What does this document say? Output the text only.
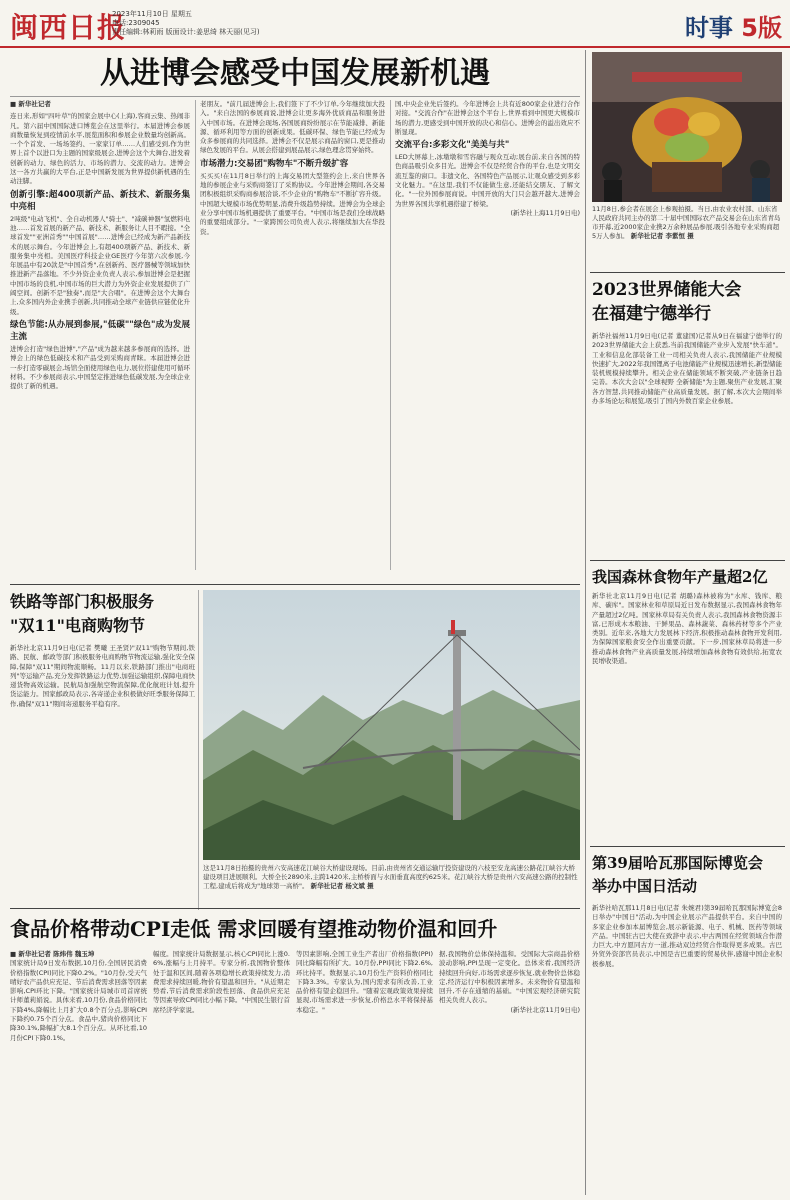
闽西日报
2023年11月10日 星期五
电话:2309045
责任编辑:林莉雨 版面设计:姜思绮 林天丽(见习)	时事 5版
从进博会感受中国发展新机遇
■ 新华社记者
连日来,形如"四叶草"的国家会展中心(上海),客商云集、热闹非凡。第六届中国国际进口博览会在这里举行。本届进博会参展商数量恢复到疫情前水平,展览面积和参展企业数量均创新高。一个个首发、一场场签约、一家家订单……人们感受到,作为世界上首个以进口为主题的国家级展会,进博会这个大舞台,进发着创新的动力、绿色的活力、市场的潜力、交流的动力。进博会这一各方共赢的大平台,正是中国新发展为世界提供新机遇的生动注脚。
创新引擎:超400项新产品、新技术、新服务集中亮相
2吨级"电动飞机"、全自动机器人"骑士"、"减碳神器"氢燃料电池……首发首展的新产品、新技术、新服务让人目不暇接。"全球首发""亚洲首秀""中国首展"……进博会已经成为新产品新技术的展示舞台。今年进博会上,有超400项新产品、新技术、新服务集中亮相。美国医疗科技企业GE医疗今年第六次参展,今年展品中有20款是"中国首秀",在创新药、医疗器械等领域加快推进新产品落地。不少外资企业负责人表示,参加进博会是把握中国市场的良机,中国市场的巨大潜力为外资企业发展提供了广阔空间。创新不是"独奏",而是"大合唱"。在进博会这个大舞台上,众多国内外企业携手创新,共同推动全球产业链供应链优化升级。
绿色节能:从办展到参展,"低碳""绿色"成为发展主流
进博会打造"绿色进博","产品"成为越来越多参展商的选择。进博会上的绿色低碳技术和产品受到采购商青睐。本届进博会进一步打造零碳展会,场馆全面使用绿色电力,展位搭建使用可循环材料。不少参展商表示,中国坚定推进绿色低碳发展,为全球企业提供了新的机遇。
老朋友。"前几届进博会上,我们签下了不少订单,今年继续加大投入。"来自法国的参展商说,进博会让更多海外优质商品和服务进入中国市场。在进博会现场,各国展商纷纷展示在节能减排、新能源、循环利用等方面的创新成果。低碳环保、绿色节能已经成为众多参展商的共同选择。进博会不仅是展示商品的窗口,更是推动绿色发展的平台。从展会搭建到展品展示,绿色理念贯穿始终。
市场潜力:交易团"购物车"不断升级扩容
买买买!在11月8日举行的上海交易团大型签约会上,来自世界各地的参展企业与采购商签订了采购协议。今年进博会期间,各交易团积极组织采购商参展洽谈,不少企业的"购物车"不断扩容升级。中国超大规模市场优势明显,消费升级趋势持续。进博会为全球企业分享中国市场机遇提供了重要平台。"中国市场是我们全球战略的重要组成部分。"一家跨国公司负责人表示,将继续加大在华投资。
国,中央企业先后签约。今年进博会上共有近800家企业进行合作对接。"交流合作"在进博会这个平台上,世界看到中国更大规模市场的潜力,更感受到中国开放的决心和信心。进博会的溢出效应不断显现。
交流平台:多彩文化"美美与共"
LED大屏幕上,冰墩墩和雪容融与观众互动;展台前,来自各国的特色商品吸引众多目光。进博会不仅是经贸合作的平台,也是文明交流互鉴的窗口。非遗文化、各国特色产品展示,让观众感受到多彩文化魅力。"在这里,我们不仅能做生意,还能结交朋友、了解文化。"一位外国参展商说。中国开放的大门只会越开越大,进博会为世界各国共享机遇搭建了桥梁。
(新华社上海11月9日电) 11月8日,参会者在展会上参观拍摄。当日,由农业农村部、山东省人民政府共同主办的第二十届中国国际农产品交易会在山东省青岛市开幕,近2000家企业携2万余种展品参展,吸引各地专业采购商超5万人参加。 新华社记者 李紫恒 摄
2023世界储能大会
在福建宁德举行
新华社福州11月9日电(记者 董建国)记者从9日在福建宁德举行的2023世界储能大会上获悉,当前我国储能产业步入发展"快车道"。工业和信息化部装备工业一司相关负责人表示,我国储能产业规模快速扩大,2022年我国锂离子电池储能产业规模迅速增长,新型储能装机规模持续攀升。相关企业在储能领域不断突破,产业链条日趋完善。本次大会以"全球视野 全新储能"为主题,聚焦产业发展,汇聚各方智慧,共同推动储能产业高质量发展。据了解,本次大会期间举办多场论坛和展览,吸引了国内外数百家企业参展。
我国森林食物年产量超2亿
新华社北京11月9日电(记者 胡璐)森林被称为"水库、钱库、粮库、碳库"。国家林业和草原局近日发布数据显示,我国森林食物年产量超过2亿吨。国家林草局有关负责人表示,我国森林食物资源丰富,已形成木本粮油、干鲜果品、森林蔬菜、森林药材等多个产业类别。近年来,各地大力发展林下经济,积极推动森林食物开发利用,为保障国家粮食安全作出重要贡献。下一步,国家林草局将进一步推动森林食物产业高质量发展,持续增加森林食物有效供给,拓宽农民增收渠道。
第39届哈瓦那国际博览会
举办中国日活动
新华社哈瓦那11月8日电(记者 朱婉君)第39届哈瓦那国际博览会8日举办"中国日"活动,为中国企业展示产品提供平台。来自中国的多家企业参加本届博览会,展示新能源、电子、机械、医药等领域产品。中国驻古巴大使在致辞中表示,中古两国在经贸领域合作潜力巨大,中方愿同古方一道,推动双边经贸合作取得更多成果。古巴外贸外资部官员表示,中国是古巴重要的贸易伙伴,感谢中国企业积极参展。
铁路等部门积极服务
"双11"电商购物节
新华社北京11月9日电(记者 樊曦 王圣贤)"双11"购物节期间,铁路、民航、邮政等部门积极服务电商购物节物流运输,强化安全保障,保障"双11"期间物流顺畅。11月以来,铁路部门推出"电商班列"等运输产品,充分发挥铁路运力优势,加强运输组织,保障电商快递货物高效运输。民航局加强航空物流保障,优化航班计划,提升货运能力。国家邮政局表示,各寄递企业积极做好旺季服务保障工作,确保"双11"期间寄递服务平稳有序。
这是11月8日拍摄的贵州六安高速花江峡谷大桥建设现场。目前,由贵州省交通运输厅投资建设的六枝至安龙高速公路花江峡谷大桥建设项目进展顺利。大桥全长2890米,主跨1420米,主桥桥面与水面垂直高度约625米。花江峡谷大桥是贵州六安高速公路的控制性工程,建成后将成为"地球第一高桥"。 新华社记者 杨文斌 摄
食品价格带动CPI走低 需求回暖有望推动物价温和回升
■ 新华社记者 陈炜伟 魏玉坤
国家统计局9日发布数据,10月份,全国居民消费价格指数(CPI)同比下降0.2%。"10月份,受天气晴好农产品供应充足、节后消费需求回落等因素影响,CPI环比下降。"国家统计局城市司首席统计师董莉娟说。具体来看,10月份,食品价格同比下降4%,降幅比上月扩大0.8个百分点,影响CPI下降约0.75个百分点。食品中,猪肉价格同比下降30.1%,降幅扩大8.1个百分点。从环比看,10月份CPI下降0.1%。
幅度。国家统计局数据显示,核心CPI同比上涨0.6%,涨幅与上月持平。专家分析,我国物价整体处于温和区间,随着各项稳增长政策持续发力,消费需求持续回暖,物价有望温和回升。"从近期走势看,节后消费需求阶段性回落、食品供应充足等因素导致CPI同比小幅下降。"中国民生银行首席经济学家说。
等因素影响,全国工业生产者出厂价格指数(PPI)同比降幅有所扩大。10月份,PPI同比下降2.6%,环比持平。数据显示,10月份生产资料价格同比下降3.3%。专家认为,国内需求有所改善,工业品价格有望企稳回升。"随着宏观政策效果持续显现,市场需求进一步恢复,价格总水平将保持基本稳定。"
据,我国物价总体保持温和。受国际大宗商品价格波动影响,PPI呈现一定变化。总体来看,我国经济持续回升向好,市场需求逐步恢复,就业物价总体稳定,经济运行中积极因素增多。未来物价有望温和回升,不存在通缩的基础。"中国宏观经济研究院相关负责人表示。
(新华社北京11月9日电)
